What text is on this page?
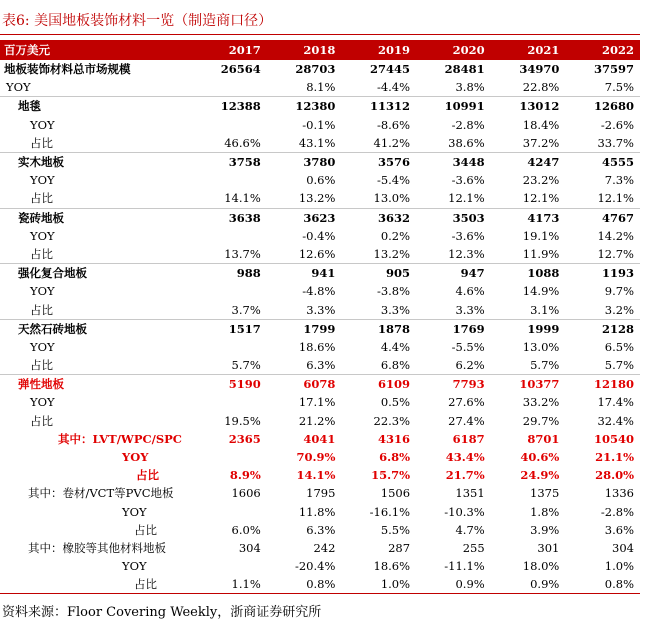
表6: 美国地板装饰材料一览（制造商口径）
百万美元	2017	2018	2019	2020	2021	2022
地板装饰材料总市场规模	26564	28703	27445	28481	34970	37597
YOY		8.1%	-4.4%	3.8%	22.8%	7.5%
地毯	12388	12380	11312	10991	13012	12680
YOY		-0.1%	-8.6%	-2.8%	18.4%	-2.6%
占比	46.6%	43.1%	41.2%	38.6%	37.2%	33.7%
实木地板	3758	3780	3576	3448	4247	4555
YOY		0.6%	-5.4%	-3.6%	23.2%	7.3%
占比	14.1%	13.2%	13.0%	12.1%	12.1%	12.1%
瓷砖地板	3638	3623	3632	3503	4173	4767
YOY		-0.4%	0.2%	-3.6%	19.1%	14.2%
占比	13.7%	12.6%	13.2%	12.3%	11.9%	12.7%
强化复合地板	988	941	905	947	1088	1193
YOY		-4.8%	-3.8%	4.6%	14.9%	9.7%
占比	3.7%	3.3%	3.3%	3.3%	3.1%	3.2%
天然石砖地板	1517	1799	1878	1769	1999	2128
YOY		18.6%	4.4%	-5.5%	13.0%	6.5%
占比	5.7%	6.3%	6.8%	6.2%	5.7%	5.7%
弹性地板	5190	6078	6109	7793	10377	12180
YOY		17.1%	0.5%	27.6%	33.2%	17.4%
占比	19.5%	21.2%	22.3%	27.4%	29.7%	32.4%
其中：LVT/WPC/SPC	2365	4041	4316	6187	8701	10540
YOY		70.9%	6.8%	43.4%	40.6%	21.1%
占比	8.9%	14.1%	15.7%	21.7%	24.9%	28.0%
其中：卷材/VCT等PVC地板	1606	1795	1506	1351	1375	1336
YOY		11.8%	-16.1%	-10.3%	1.8%	-2.8%
占比	6.0%	6.3%	5.5%	4.7%	3.9%	3.6%
其中：橡胶等其他材料地板	304	242	287	255	301	304
YOY		-20.4%	18.6%	-11.1%	18.0%	1.0%
占比	1.1%	0.8%	1.0%	0.9%	0.9%	0.8%
资料来源：Floor Covering Weekly，浙商证券研究所
